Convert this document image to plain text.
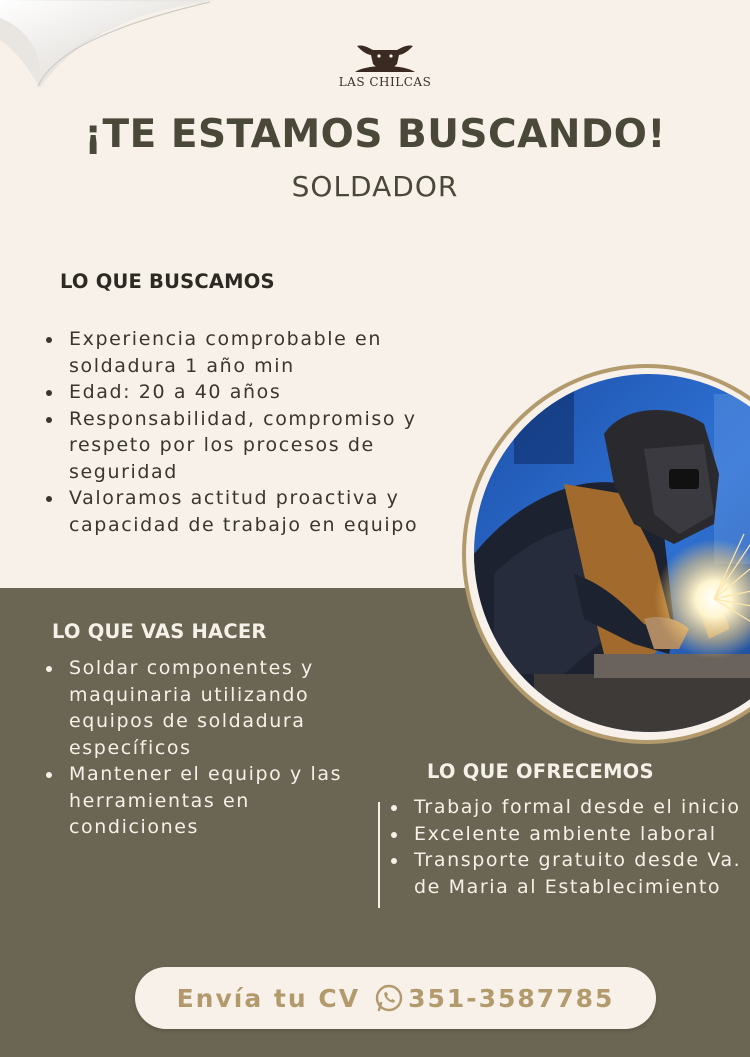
LAS CHILCAS
¡TE ESTAMOS BUSCANDO!
SOLDADOR
LO QUE BUSCAMOS
Experiencia comprobable en soldadura 1 año min
Edad: 20 a 40 años
Responsabilidad, compromiso y respeto por los procesos de seguridad
Valoramos actitud proactiva y capacidad de trabajo en equipo
LO QUE VAS HACER
Soldar componentes y maquinaria utilizando equipos de soldadura específicos
Mantener el equipo y las herramientas en condiciones
LO QUE OFRECEMOS
Trabajo formal desde el inicio
Excelente ambiente laboral
Transporte gratuito desde Va. de Maria al Establecimiento
Envía tu CV 351-3587785
